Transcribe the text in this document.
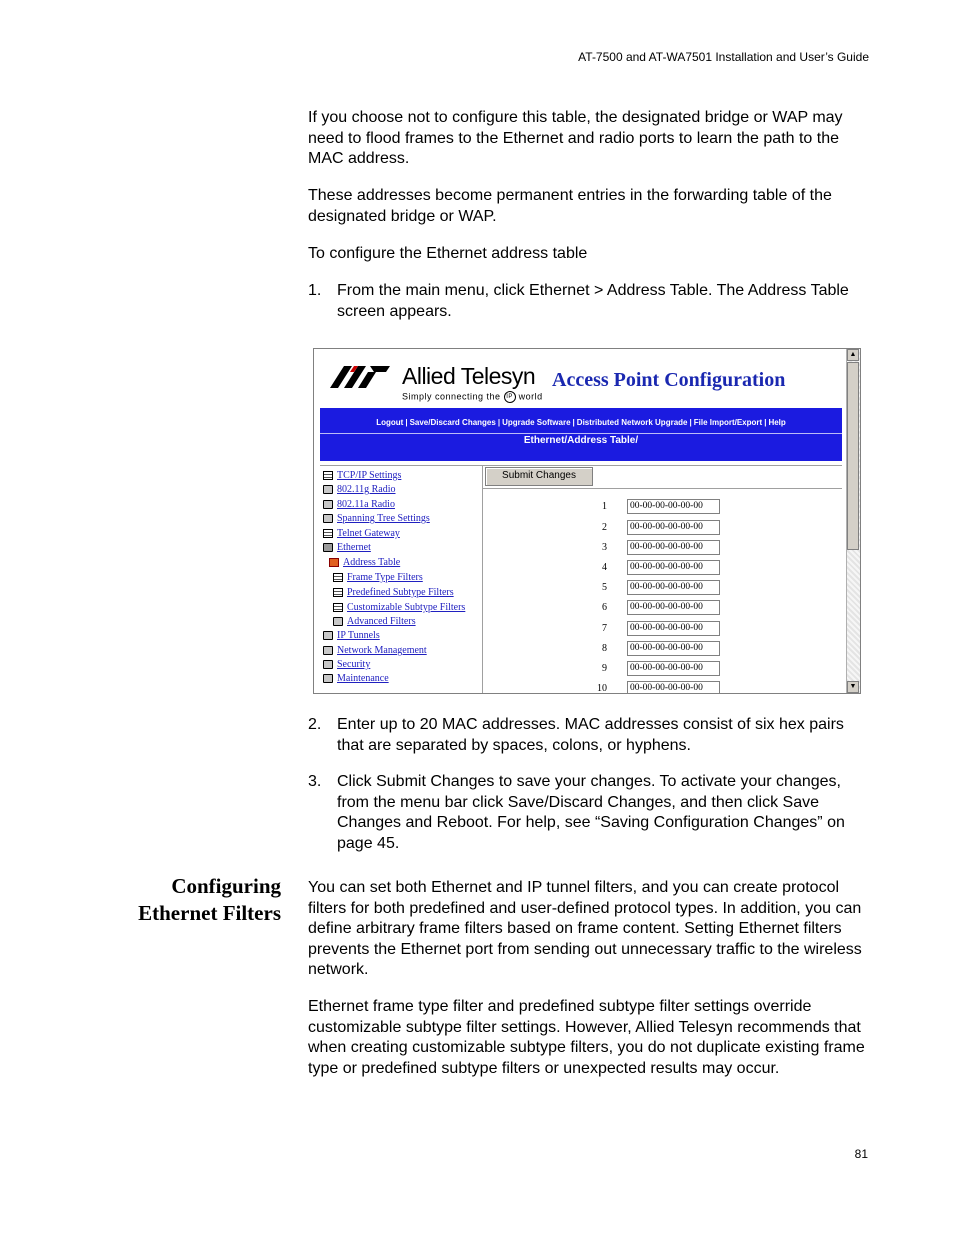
AT-7500 and AT-WA7501 Installation and User’s Guide

If you choose not to configure this table, the designated bridge or WAP may need to flood frames to the Ethernet and radio ports to learn the path to the MAC address.

These addresses become permanent entries in the forwarding table of the designated bridge or WAP.

To configure the Ethernet address table

1. From the main menu, click Ethernet > Address Table. The Address Table screen appears.
Allied Telesyn
Simply connecting the IP world
Access Point Configuration
Logout | Save/Discard Changes | Upgrade Software | Distributed Network Upgrade | File Import/Export | Help
Ethernet/Address Table/
TCP/IP Settings
802.11g Radio
802.11a Radio
Spanning Tree Settings
Telnet Gateway
Ethernet
Address Table
Frame Type Filters
Predefined Subtype Filters
Customizable Subtype Filters
Advanced Filters
IP Tunnels
Network Management
Security
Maintenance
Submit Changes
1	00-00-00-00-00-00
2	00-00-00-00-00-00
3	00-00-00-00-00-00
4	00-00-00-00-00-00
5	00-00-00-00-00-00
6	00-00-00-00-00-00
7	00-00-00-00-00-00
8	00-00-00-00-00-00
9	00-00-00-00-00-00
10	00-00-00-00-00-00
▲
▼
2. Enter up to 20 MAC addresses. MAC addresses consist of six hex pairs that are separated by spaces, colons, or hyphens.
3. Click Submit Changes to save your changes. To activate your changes, from the menu bar click Save/Discard Changes, and then click Save Changes and Reboot. For help, see “Saving Configuration Changes” on page 45.
Configuring
Ethernet Filters

You can set both Ethernet and IP tunnel filters, and you can create protocol filters for both predefined and user-defined protocol types. In addition, you can define arbitrary frame filters based on frame content. Setting Ethernet filters prevents the Ethernet port from sending out unnecessary traffic to the wireless network.

Ethernet frame type filter and predefined subtype filter settings override customizable subtype filter settings. However, Allied Telesyn recommends that when creating customizable subtype filters, you do not duplicate existing frame type or predefined subtype filters or unexpected results may occur.

81
